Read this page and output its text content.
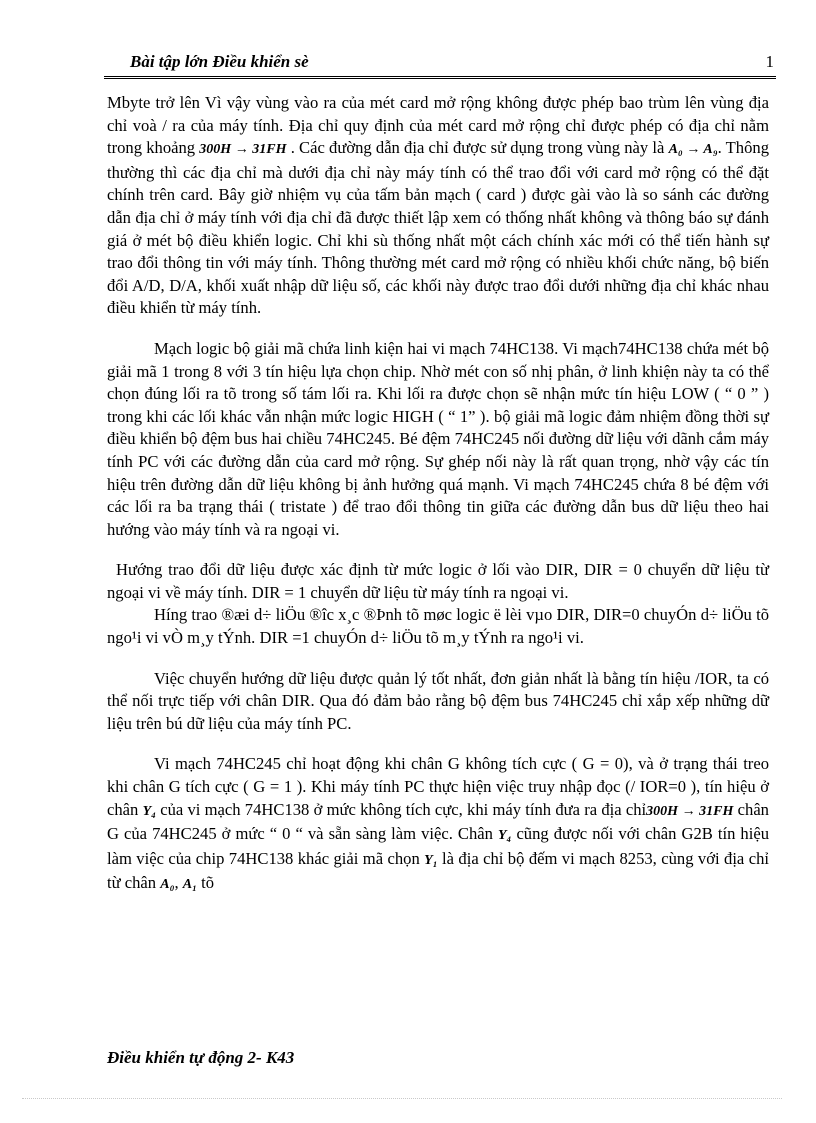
Bài tập lớn Điều khiển sè	1

Mbyte trở lên Vì vậy vùng vào ra của mét card mở rộng không được phép bao trùm lên vùng địa chỉ voà / ra của máy tính. Địa chỉ quy định của mét card mở rộng chỉ được phép có địa chỉ nằm trong khoảng 300H → 31FH . Các đường dẫn địa chỉ được sử dụng trong vùng này là A₀ → A₉. Thông thường thì các địa chỉ mà dưới địa chỉ này máy tính có thể trao đổi với card mở rộng có thể đặt chính trên card. Bây giờ nhiệm vụ của tấm bản mạch ( card ) được gài vào là so sánh các đường dẫn địa chỉ ở máy tính với địa chỉ đã được thiết lập xem có thống nhất không và thông báo sự đánh giá ở mét bộ điều khiển logic. Chỉ khi sù thống nhất một cách chính xác mới có thể tiến hành sự trao đổi thông tin với máy tính. Thông thường mét card mở rộng có nhiều khối chức năng, bộ biến đổi A/D, D/A, khối xuất nhập dữ liệu số, các khối này được trao đổi dưới những địa chỉ khác nhau điều khiển từ máy tính.

Mạch logic bộ giải mã chứa linh kiện hai vi mạch 74HC138. Vi mạch74HC138 chứa mét bộ giải mã 1 trong 8 với 3 tín hiệu lựa chọn chip. Nhờ mét con số nhị phân, ở linh khiện này ta có thể chọn đúng lối ra tõ trong số tám lối ra. Khi lối ra được chọn sẽ nhận mức tín hiệu LOW ( “ 0 ” ) trong khi các lối khác vẫn nhận mức logic HIGH ( “ 1” ). bộ giải mã logic đảm nhiệm đồng thời sự điều khiển bộ đệm bus hai chiều 74HC245. Bé đệm 74HC245 nối đường dữ liệu với dãnh cắm máy tính PC với các đường dẫn của card mở rộng. Sự ghép nối này là rất quan trọng, nhờ vậy các tín hiệu trên đường dẫn dữ liệu không bị ảnh hưởng quá mạnh. Vi mạch 74HC245 chứa 8 bé đệm với các lối ra ba trạng thái ( tristate ) để trao đổi thông tin giữa các đường dẫn bus dữ liệu theo hai hướng vào máy tính và ra ngoại vi.

Hướng trao đổi dữ liệu được xác định từ mức logic ở lối vào DIR, DIR = 0 chuyển dữ liệu từ ngoại vi về máy tính. DIR = 1 chuyển dữ liệu từ máy tính ra ngoại vi.

Híng trao ®æi d÷ liÖu ®îc x¸c ®Þnh tõ møc logic ë lèi vµo DIR, DIR=0 chuyÓn d÷ liÖu tõ ngo¹i vi vÒ m¸y tÝnh. DIR =1 chuyÓn d÷ liÖu tõ m¸y tÝnh ra ngo¹i vi.

Việc chuyển hướng dữ liệu được quản lý tốt nhất, đơn giản nhất là bằng tín hiệu /IOR, ta có thể nối trực tiếp với chân DIR. Qua đó đảm bảo rằng bộ đệm bus 74HC245 chỉ xắp xếp những dữ liệu trên bú dữ liệu của máy tính PC.

Vi mạch 74HC245 chỉ hoạt động khi chân G không tích cực ( G = 0), và ở trạng thái treo khi chân G tích cực ( G = 1 ). Khi máy tính PC thực hiện việc truy nhập đọc (/ IOR=0 ), tín hiệu ở chân Y₄ của vi mạch 74HC138 ở mức không tích cực, khi máy tính đưa ra địa chỉ300H → 31FH chân G của 74HC245 ở mức “ 0 “ và sẵn sàng làm việc. Chân Y₄ cũng được nối với chân G2B tín hiệu làm việc của chip 74HC138 khác giải mã chọn Y₁ là địa chỉ bộ đếm vi mạch 8253, cùng với địa chỉ từ chân A₀, A₁ tõ

Điều khiển tự động 2- K43
